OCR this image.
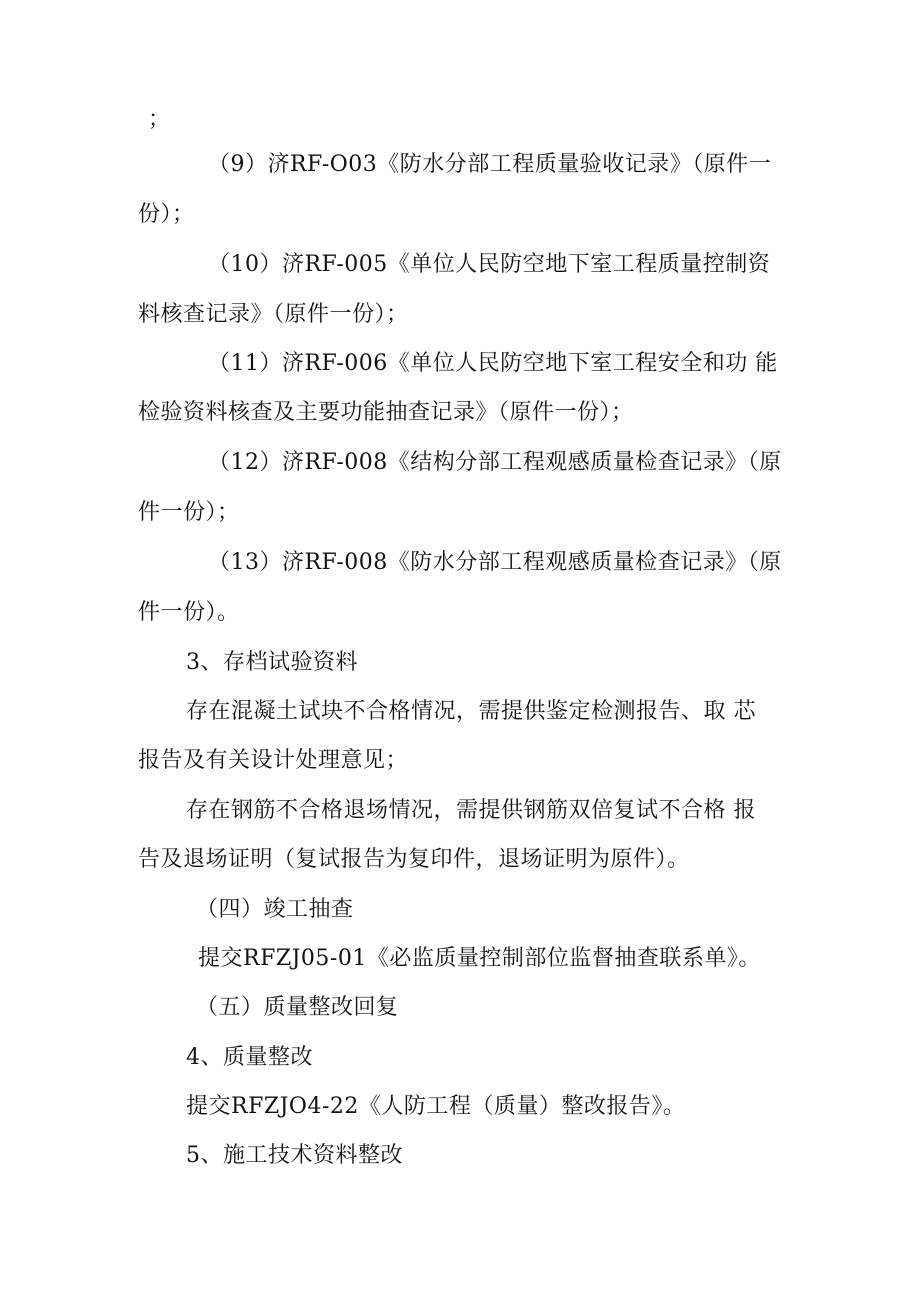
；
（9）济RF-O03《防水分部工程质量验收记录》（原件一
份）；
（10）济RF-005《单位人民防空地下室工程质量控制资
料核查记录》（原件一份）；
（11）济RF-006《单位人民防空地下室工程安全和功 能
检验资料核查及主要功能抽查记录》（原件一份）；
（12）济RF-008《结构分部工程观感质量检查记录》（原
件一份）；
（13）济RF-008《防水分部工程观感质量检查记录》（原
件一份）。
3、存档试验资料
存在混凝土试块不合格情况，需提供鉴定检测报告、取 芯
报告及有关设计处理意见；
存在钢筋不合格退场情况，需提供钢筋双倍复试不合格 报
告及退场证明（复试报告为复印件，退场证明为原件）。
（四）竣工抽查
提交RFZJ05-01《必监质量控制部位监督抽查联系单》。
（五）质量整改回复
4、质量整改
提交RFZJO4-22《人防工程（质量）整改报告》。
5、施工技术资料整改
